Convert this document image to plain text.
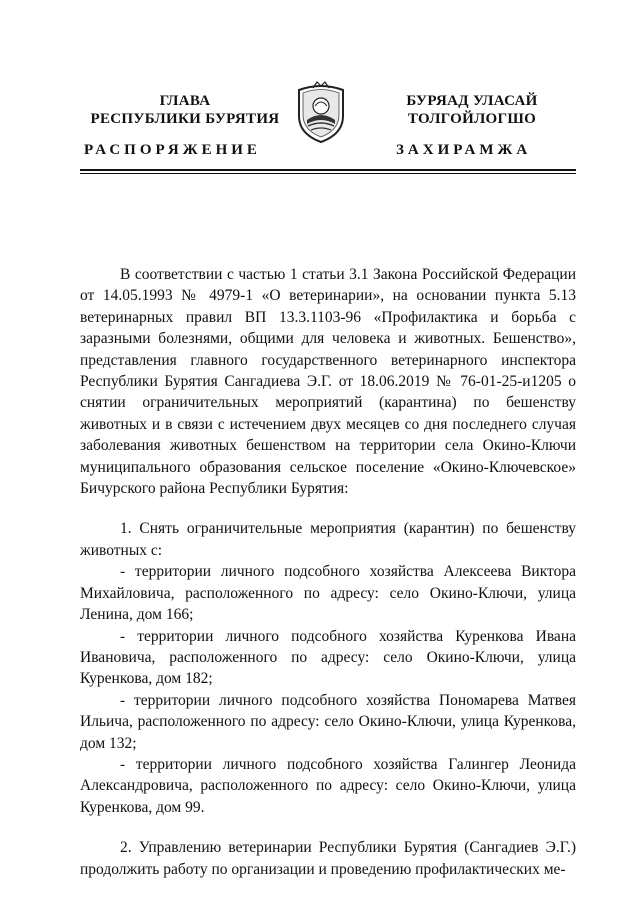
ГЛАВА
РЕСПУБЛИКИ БУРЯТИЯ
БУРЯАД УЛАСАЙ
ТОЛГОЙЛОГШО
РАСПОРЯЖЕНИЕ	ЗАХИРАМЖА

В соответствии с частью 1 статьи 3.1 Закона Российской Федерации от 14.05.1993 № 4979-1 «О ветеринарии», на основании пункта 5.13 ветеринарных правил ВП 13.3.1103-96 «Профилактика и борьба с заразными болезнями, общими для человека и животных. Бешенство», представления главного государственного ветеринарного инспектора Республики Бурятия Сангадиева Э.Г. от 18.06.2019 № 76-01-25-и1205 о снятии ограничительных мероприятий (карантина) по бешенству животных и в связи с истечением двух месяцев со дня последнего случая заболевания животных бешенством на территории села Окино-Ключи муниципального образования сельское поселение «Окино-Ключевское» Бичурского района Республики Бурятия:

1. Снять ограничительные мероприятия (карантин) по бешенству животных с:

- территории личного подсобного хозяйства Алексеева Виктора Михайловича, расположенного по адресу: село Окино-Ключи, улица Ленина, дом 166;

- территории личного подсобного хозяйства Куренкова Ивана Ивановича, расположенного по адресу: село Окино-Ключи, улица Куренкова, дом 182;

- территории личного подсобного хозяйства Пономарева Матвея Ильича, расположенного по адресу: село Окино-Ключи, улица Куренкова, дом 132;

- территории личного подсобного хозяйства Галингер Леонида Александровича, расположенного по адресу: село Окино-Ключи, улица Куренкова, дом 99.

2. Управлению ветеринарии Республики Бурятия (Сангадиев Э.Г.) продолжить работу по организации и проведению профилактических ме-
